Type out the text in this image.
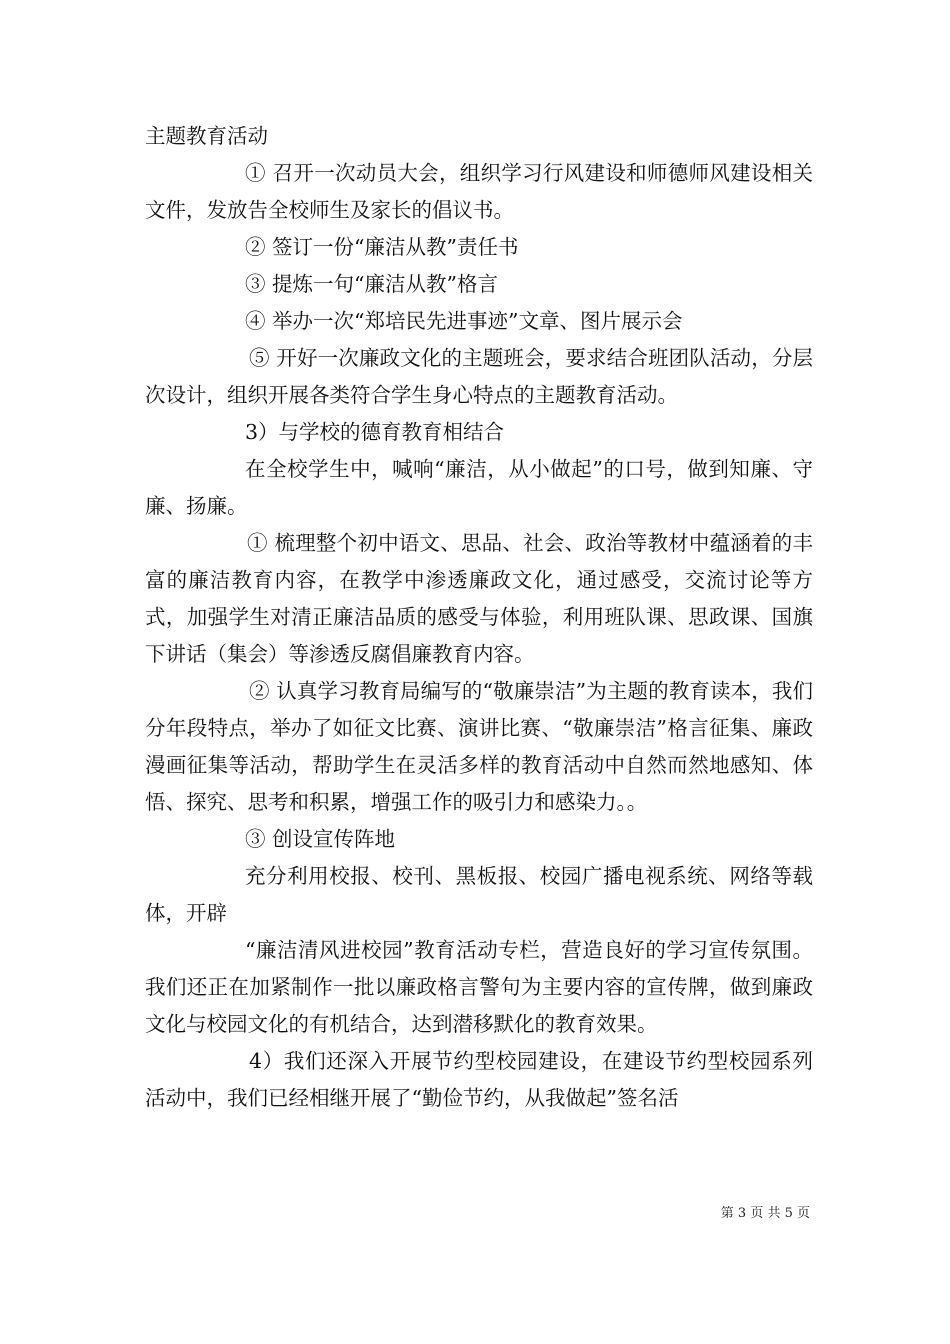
主题教育活动

① 召开一次动员大会，组织学习行风建设和师德师风建设相关文件，发放告全校师生及家长的倡议书。

② 签订一份“廉洁从教”责任书

③ 提炼一句“廉洁从教”格言

④ 举办一次“郑培民先进事迹”文章、图片展示会

⑤ 开好一次廉政文化的主题班会，要求结合班团队活动，分层次设计，组织开展各类符合学生身心特点的主题教育活动。

3）与学校的德育教育相结合

在全校学生中，喊响“廉洁，从小做起”的口号，做到知廉、守廉、扬廉。

① 梳理整个初中语文、思品、社会、政治等教材中蕴涵着的丰富的廉洁教育内容，在教学中渗透廉政文化，通过感受，交流讨论等方式，加强学生对清正廉洁品质的感受与体验，利用班队课、思政课、国旗下讲话（集会）等渗透反腐倡廉教育内容。

② 认真学习教育局编写的“敬廉崇洁”为主题的教育读本，我们分年段特点，举办了如征文比赛、演讲比赛、“敬廉崇洁”格言征集、廉政漫画征集等活动，帮助学生在灵活多样的教育活动中自然而然地感知、体悟、探究、思考和积累，增强工作的吸引力和感染力。。

③ 创设宣传阵地

充分利用校报、校刊、黑板报、校园广播电视系统、网络等载体，开辟

“廉洁清风进校园”教育活动专栏，营造良好的学习宣传氛围。我们还正在加紧制作一批以廉政格言警句为主要内容的宣传牌，做到廉政文化与校园文化的有机结合，达到潜移默化的教育效果。

4）我们还深入开展节约型校园建设，在建设节约型校园系列活动中，我们已经相继开展了“勤俭节约，从我做起”签名活

第 3 页 共 5 页
